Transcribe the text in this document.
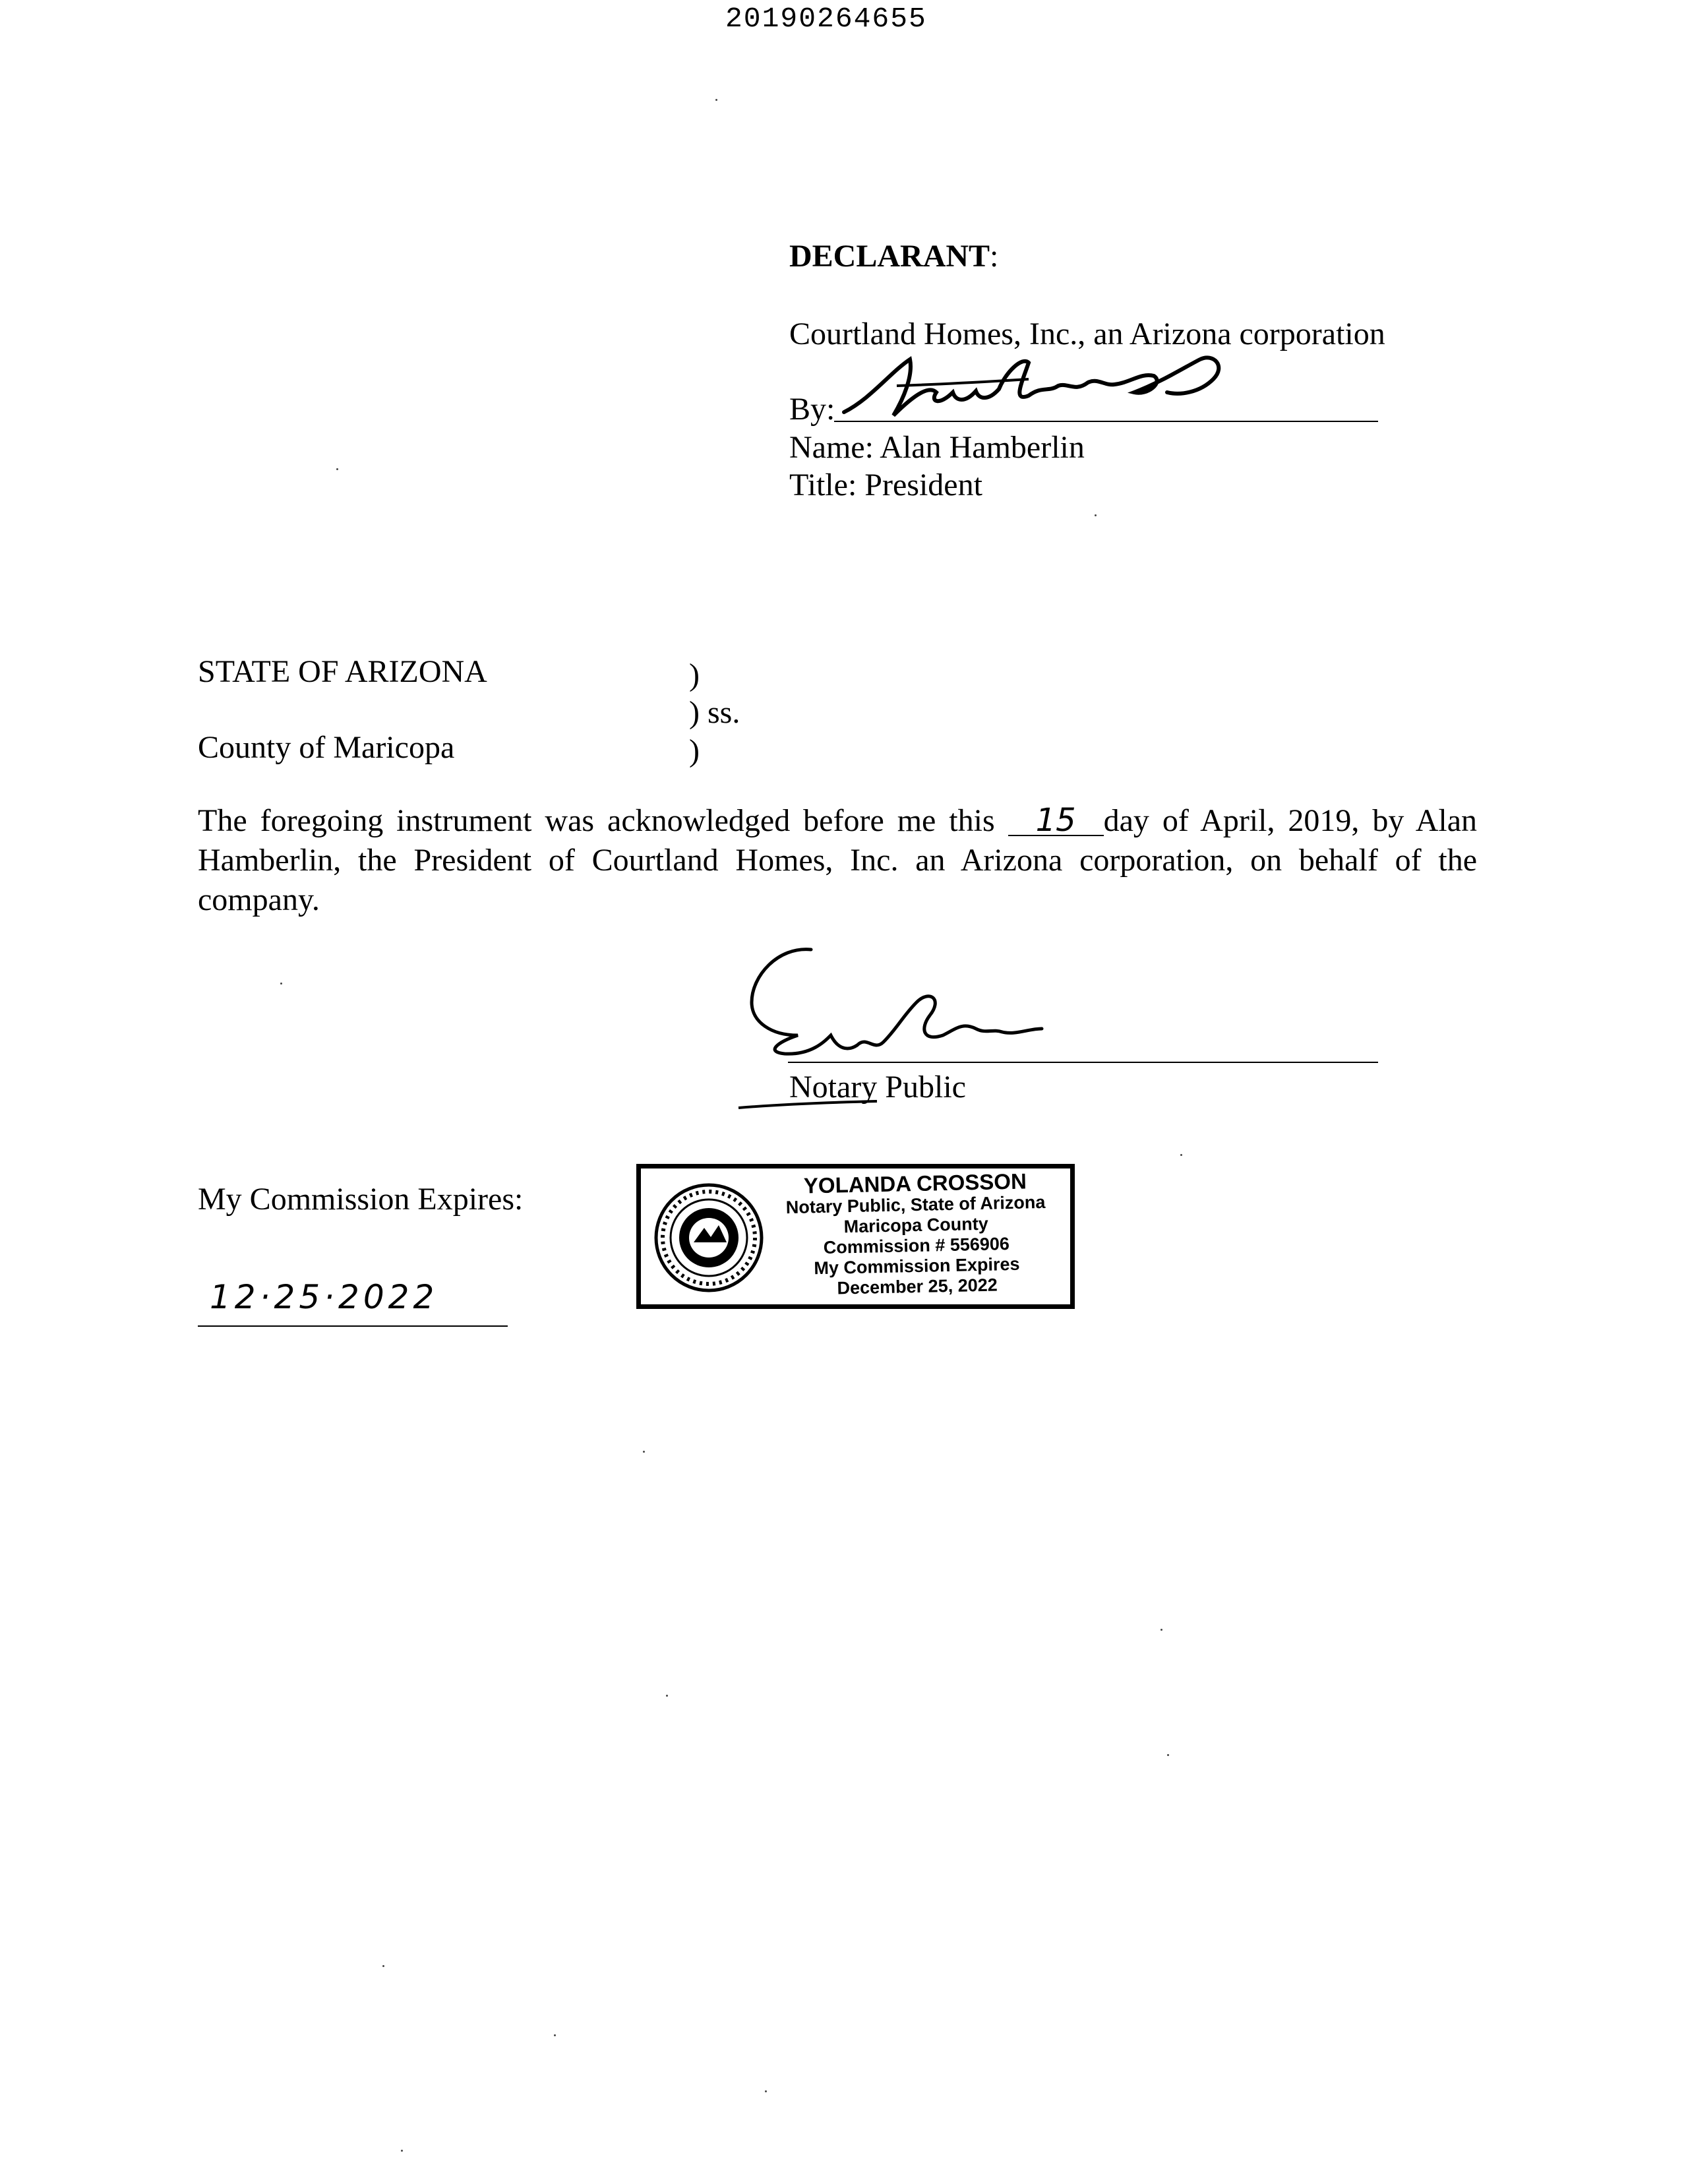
20190264655
DECLARANT:
Courtland Homes, Inc., an Arizona corporation
By:
Name: Alan Hamberlin
Title: President
STATE OF ARIZONA
County of Maricopa
)
) ss.
)
The foregoing instrument was acknowledged before me this 15 day of April, 2019, by Alan Hamberlin, the President of Courtland Homes, Inc. an Arizona corporation, on behalf of the company.
Notary Public
My Commission Expires:
12·25·2022
YOLANDA CROSSON
Notary Public, State of Arizona
Maricopa County
Commission # 556906
My Commission Expires
December 25, 2022
